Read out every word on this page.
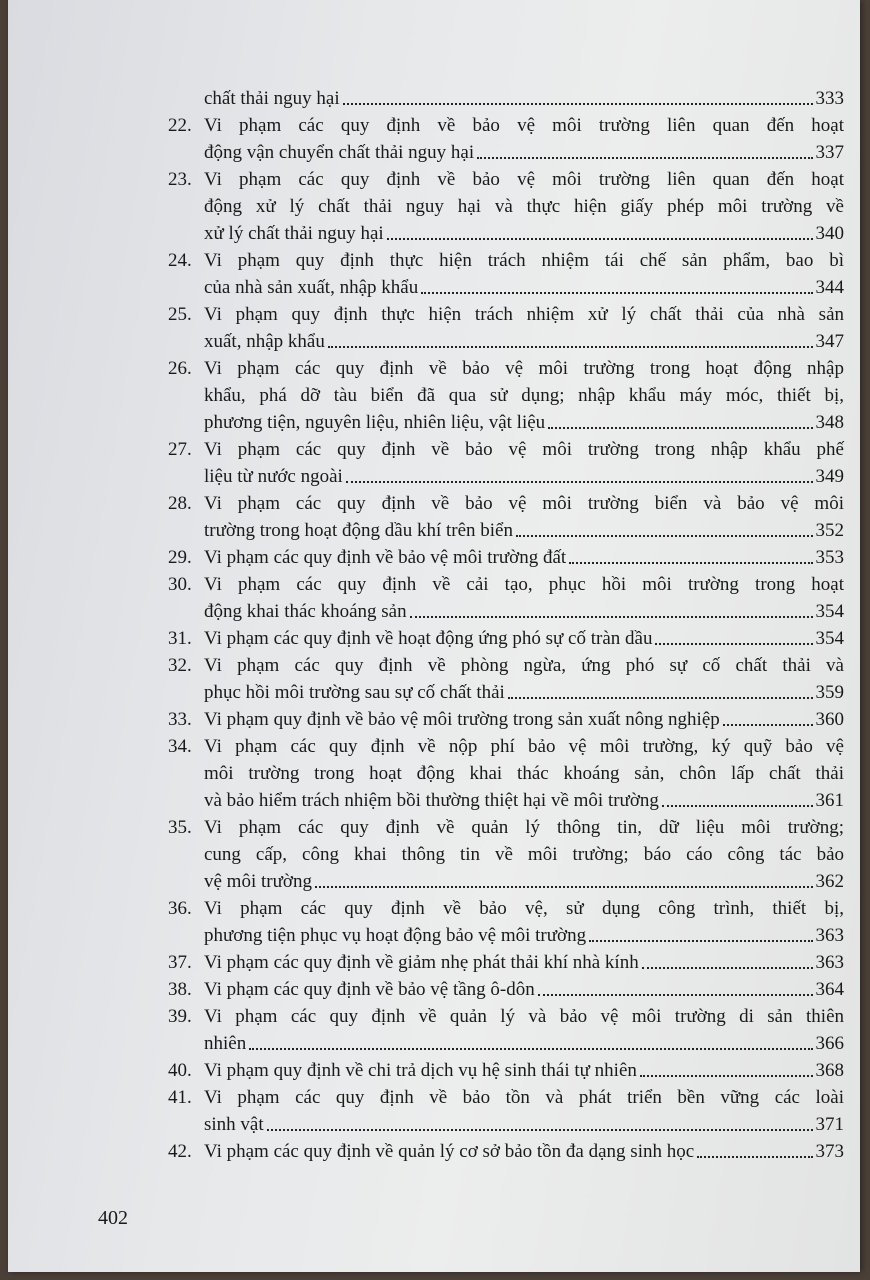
chất thải nguy hại	333
22. Vi phạm các quy định về bảo vệ môi trường liên quan đến hoạt
động vận chuyển chất thải nguy hại	337
23. Vi phạm các quy định về bảo vệ môi trường liên quan đến hoạt
động xử lý chất thải nguy hại và thực hiện giấy phép môi trường về
xử lý chất thải nguy hại	340
24. Vi phạm quy định thực hiện trách nhiệm tái chế sản phẩm, bao bì
của nhà sản xuất, nhập khẩu	344
25. Vi phạm quy định thực hiện trách nhiệm xử lý chất thải của nhà sản
xuất, nhập khẩu	347
26. Vi phạm các quy định về bảo vệ môi trường trong hoạt động nhập
khẩu, phá dỡ tàu biển đã qua sử dụng; nhập khẩu máy móc, thiết bị,
phương tiện, nguyên liệu, nhiên liệu, vật liệu	348
27. Vi phạm các quy định về bảo vệ môi trường trong nhập khẩu phế
liệu từ nước ngoài	349
28. Vi phạm các quy định về bảo vệ môi trường biển và bảo vệ môi
trường trong hoạt động dầu khí trên biển	352
29. Vi phạm các quy định về bảo vệ môi trường đất	353
30. Vi phạm các quy định về cải tạo, phục hồi môi trường trong hoạt
động khai thác khoáng sản	354
31. Vi phạm các quy định về hoạt động ứng phó sự cố tràn dầu	354
32. Vi phạm các quy định về phòng ngừa, ứng phó sự cố chất thải và
phục hồi môi trường sau sự cố chất thải	359
33. Vi phạm quy định về bảo vệ môi trường trong sản xuất nông nghiệp	360
34. Vi phạm các quy định về nộp phí bảo vệ môi trường, ký quỹ bảo vệ
môi trường trong hoạt động khai thác khoáng sản, chôn lấp chất thải
và bảo hiểm trách nhiệm bồi thường thiệt hại về môi trường	361
35. Vi phạm các quy định về quản lý thông tin, dữ liệu môi trường;
cung cấp, công khai thông tin về môi trường; báo cáo công tác bảo
vệ môi trường	362
36. Vi phạm các quy định về bảo vệ, sử dụng công trình, thiết bị,
phương tiện phục vụ hoạt động bảo vệ môi trường	363
37. Vi phạm các quy định về giảm nhẹ phát thải khí nhà kính	363
38. Vi phạm các quy định về bảo vệ tầng ô-dôn	364
39. Vi phạm các quy định về quản lý và bảo vệ môi trường di sản thiên
nhiên	366
40. Vi phạm quy định về chi trả dịch vụ hệ sinh thái tự nhiên	368
41. Vi phạm các quy định về bảo tồn và phát triển bền vững các loài
sinh vật	371
42. Vi phạm các quy định về quản lý cơ sở bảo tồn đa dạng sinh học	373
402
